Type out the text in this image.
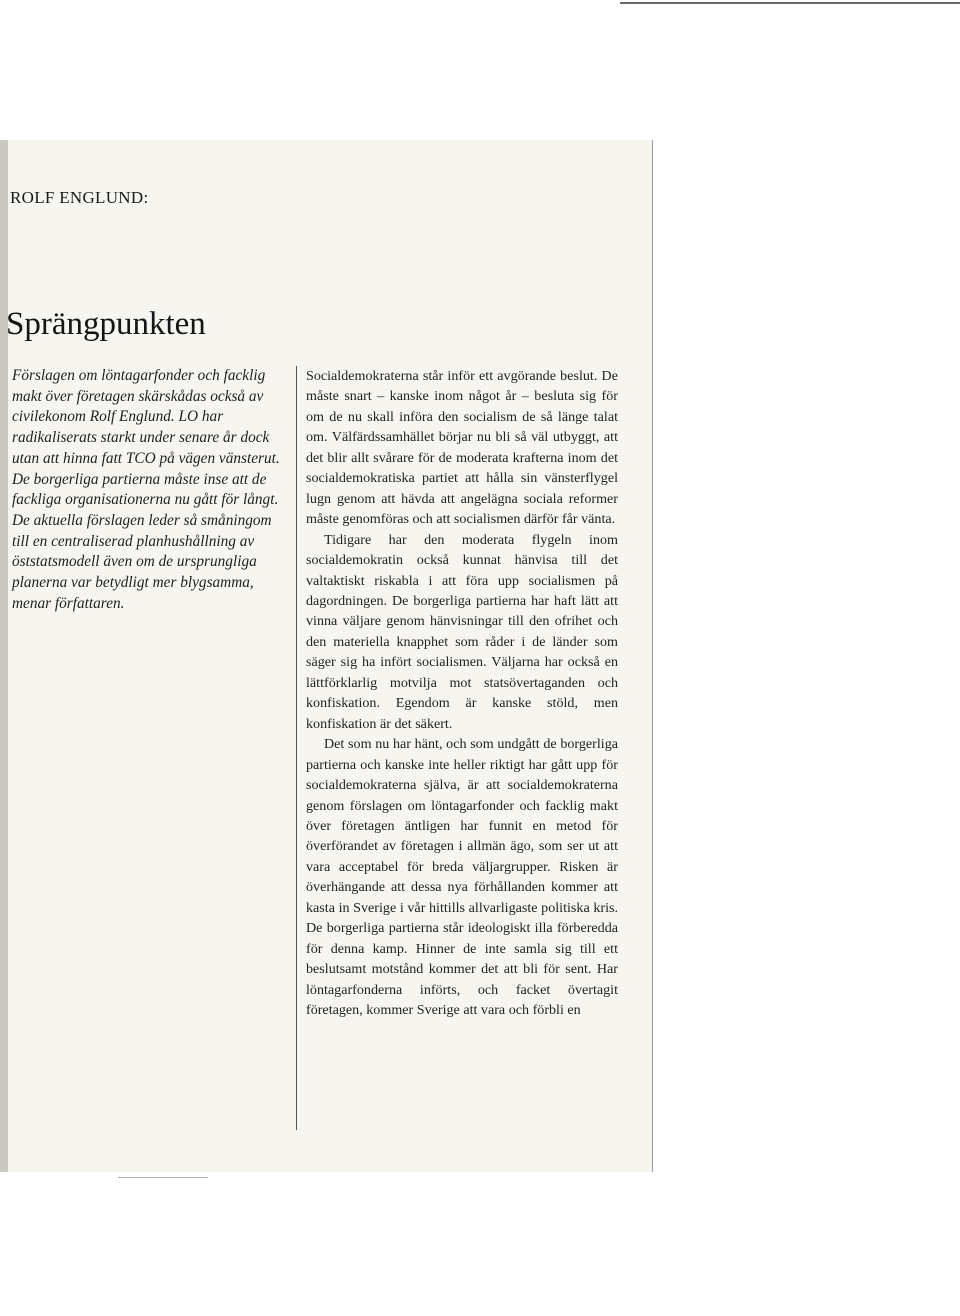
ROLF ENGLUND:
Sprängpunkten

Förslagen om löntagarfonder och facklig makt över företagen skärskådas också av civilekonom Rolf Englund. LO har radikaliserats starkt under senare år dock utan att hinna fatt TCO på vägen vänsterut. De borgerliga partierna måste inse att de fackliga organisationerna nu gått för långt. De aktuella förslagen leder så småningom till en centraliserad planhushållning av öststatsmodell även om de ursprungliga planerna var betydligt mer blygsamma, menar författaren.

Socialdemokraterna står inför ett avgörande beslut. De måste snart – kanske inom något år – besluta sig för om de nu skall införa den socialism de så länge talat om. Välfärdssamhället börjar nu bli så väl utbyggt, att det blir allt svårare för de moderata krafterna inom det socialdemokratiska partiet att hålla sin vänsterflygel lugn genom att hävda att angelägna sociala reformer måste genomföras och att socialismen därför får vänta.

Tidigare har den moderata flygeln inom socialdemokratin också kunnat hänvisa till det valtaktiskt riskabla i att föra upp socialismen på dagordningen. De borgerliga partierna har haft lätt att vinna väljare genom hänvisningar till den ofrihet och den materiella knapphet som råder i de länder som säger sig ha infört socialismen. Väljarna har också en lättförklarlig motvilja mot statsövertaganden och konfiskation. Egendom är kanske stöld, men konfiskation är det säkert.

Det som nu har hänt, och som undgått de borgerliga partierna och kanske inte heller riktigt har gått upp för socialdemokraterna själva, är att socialdemokraterna genom förslagen om löntagarfonder och facklig makt över företagen äntligen har funnit en metod för överförandet av företagen i allmän ägo, som ser ut att vara acceptabel för breda väljargrupper. Risken är överhängande att dessa nya förhållanden kommer att kasta in Sverige i vår hittills allvarligaste politiska kris. De borgerliga partierna står ideologiskt illa förberedda för denna kamp. Hinner de inte samla sig till ett beslutsamt motstånd kommer det att bli för sent. Har löntagarfonderna införts, och facket övertagit företagen, kommer Sverige att vara och förbli en
